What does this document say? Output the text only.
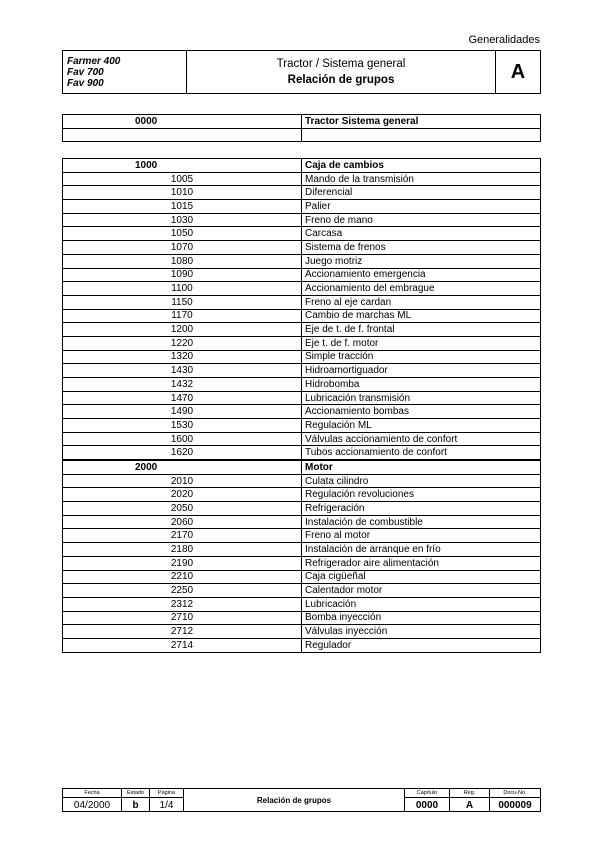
Generalidades
Farmer 400
Fav 700
Fav 900
Tractor / Sistema general
Relación de grupos	A
0000	Tractor Sistema general

1000	Caja de cambios
1005	Mando de la transmisión
1010	Diferencial
1015	Palier
1030	Freno de mano
1050	Carcasa
1070	Sistema de frenos
1080	Juego motriz
1090	Accionamiento emergencia
1100	Accionamiento del embrague
1150	Freno al eje cardan
1170	Cambio de marchas ML
1200	Eje de t. de f. frontal
1220	Eje t. de f. motor
1320	Simple tracción
1430	Hidroamortiguador
1432	Hidrobomba
1470	Lubricación transmisión
1490	Accionamiento bombas
1530	Regulación ML
1600	Válvulas accionamiento de confort
1620	Tubos accionamiento de confort
2000	Motor
2010	Culata cilindro
2020	Regulación revoluciones
2050	Refrigeración
2060	Instalación de combustible
2170	Freno al motor
2180	Instalación de arranque en frío
2190	Refrigerador aire alimentación
2210	Caja cigüeñal
2250	Calentador motor
2312	Lubricación
2710	Bomba inyección
2712	Válvulas inyección
2714	Regulador
Fecha
04/2000
Estado
b
Página
1/4	Relación de grupos
Capítulo
0000
Reg.
A
Docu-No.
000009
